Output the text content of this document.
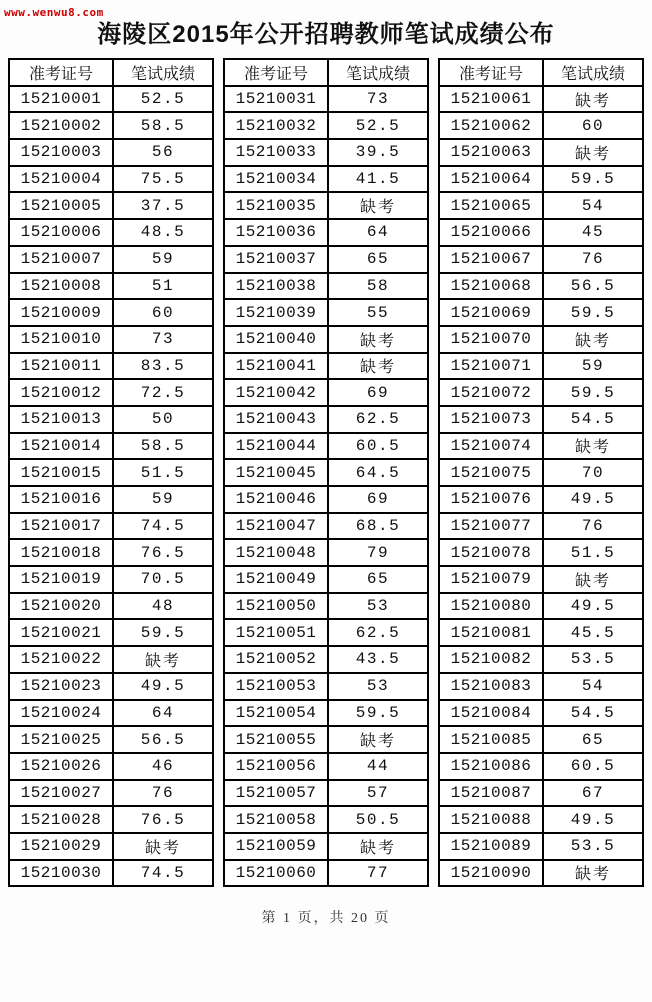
www.wenwu8.com
海陵区2015年公开招聘教师笔试成绩公布
准考证号	笔试成绩
15210001	52.5
15210002	58.5
15210003	56
15210004	75.5
15210005	37.5
15210006	48.5
15210007	59
15210008	51
15210009	60
15210010	73
15210011	83.5
15210012	72.5
15210013	50
15210014	58.5
15210015	51.5
15210016	59
15210017	74.5
15210018	76.5
15210019	70.5
15210020	48
15210021	59.5
15210022	缺考
15210023	49.5
15210024	64
15210025	56.5
15210026	46
15210027	76
15210028	76.5
15210029	缺考
15210030	74.5
准考证号	笔试成绩
15210031	73
15210032	52.5
15210033	39.5
15210034	41.5
15210035	缺考
15210036	64
15210037	65
15210038	58
15210039	55
15210040	缺考
15210041	缺考
15210042	69
15210043	62.5
15210044	60.5
15210045	64.5
15210046	69
15210047	68.5
15210048	79
15210049	65
15210050	53
15210051	62.5
15210052	43.5
15210053	53
15210054	59.5
15210055	缺考
15210056	44
15210057	57
15210058	50.5
15210059	缺考
15210060	77
准考证号	笔试成绩
15210061	缺考
15210062	60
15210063	缺考
15210064	59.5
15210065	54
15210066	45
15210067	76
15210068	56.5
15210069	59.5
15210070	缺考
15210071	59
15210072	59.5
15210073	54.5
15210074	缺考
15210075	70
15210076	49.5
15210077	76
15210078	51.5
15210079	缺考
15210080	49.5
15210081	45.5
15210082	53.5
15210083	54
15210084	54.5
15210085	65
15210086	60.5
15210087	67
15210088	49.5
15210089	53.5
15210090	缺考
第 1 页，共 20 页
